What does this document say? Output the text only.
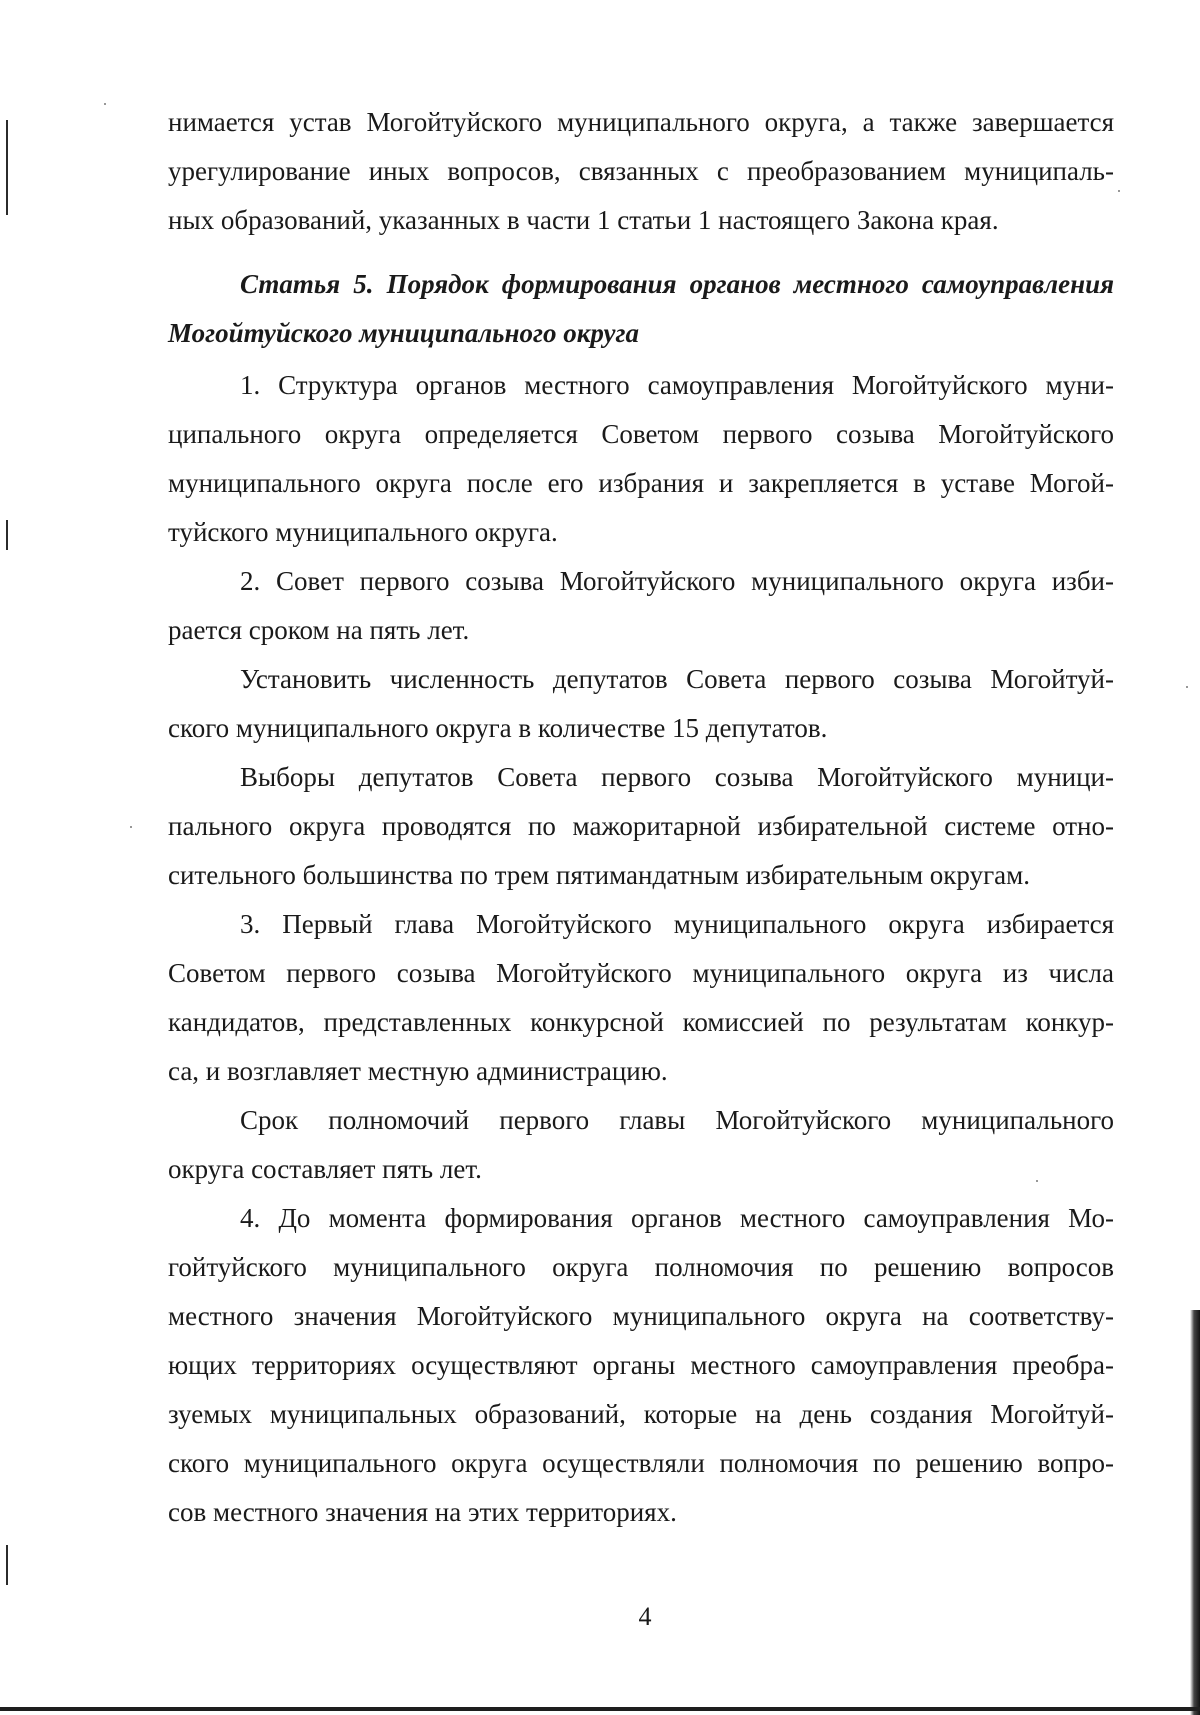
нимается устав Могойтуйского муниципального округа, а также завершается
урегулирование иных вопросов, связанных с преобразованием муниципаль-
ных образований, указанных в части 1 статьи 1 настоящего Закона края.
Статья 5. Порядок формирования органов местного самоуправления
Могойтуйского муниципального округа
1. Структура органов местного самоуправления Могойтуйского муни-
ципального округа определяется Советом первого созыва Могойтуйского
муниципального округа после его избрания и закрепляется в уставе Могой-
туйского муниципального округа.
2. Совет первого созыва Могойтуйского муниципального округа изби-
рается сроком на пять лет.
Установить численность депутатов Совета первого созыва Могойтуй-
ского муниципального округа в количестве 15 депутатов.
Выборы депутатов Совета первого созыва Могойтуйского муници-
пального округа проводятся по мажоритарной избирательной системе отно-
сительного большинства по трем пятимандатным избирательным округам.
3. Первый глава Могойтуйского муниципального округа избирается
Советом первого созыва Могойтуйского муниципального округа из числа
кандидатов, представленных конкурсной комиссией по результатам конкур-
са, и возглавляет местную администрацию.
Срок полномочий первого главы Могойтуйского муниципального
округа составляет пять лет.
4. До момента формирования органов местного самоуправления Мо-
гойтуйского муниципального округа полномочия по решению вопросов
местного значения Могойтуйского муниципального округа на соответству-
ющих территориях осуществляют органы местного самоуправления преобра-
зуемых муниципальных образований, которые на день создания Могойтуй-
ского муниципального округа осуществляли полномочия по решению вопро-
сов местного значения на этих территориях.
4
